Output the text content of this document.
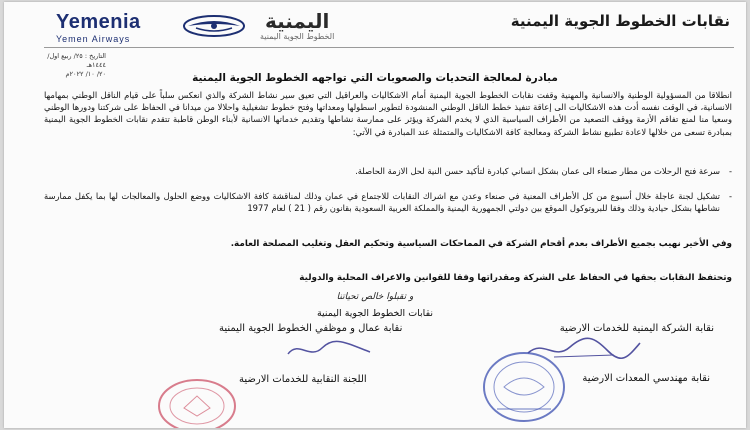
Yemenia
Yemen Airways
اليمنية
الخطوط الجوية اليمنية
نقابات الخطوط الجوية اليمنية
التاريخ : ٢٥/ ربيع اول/ ١٤٤٤هـ
٢٠/ ١٠/ ٢٠٢٢م	مبادرة لمعالجة التحديات والصعوبات التي تواجهه الخطوط الجوية اليمنية
انطلاقا من المسؤولية الوطنية والانسانية والمهنية وقفت نقابات الخطوط الجوية اليمنية أمام الاشكاليات والعراقيل التي تعيق سير نشاط الشركة والذي انعكس سلباً على قيام الناقل الوطني بمهامها الانسانية، في الوقت نفسه أدت هذه الاشكاليات الى إعاقة تنفيذ خطط الناقل الوطني المنشودة لتطوير اسطولها ومعداتها وفتح خطوط تشغيلية واحلالا من ميدانا في الحفاظ على شركتنا ودورها الوطني وسعيا منا لمنع تفاقم الأزمة ووقف التصعيد من الأطراف السياسية الذي لا يخدم الشركة ويؤثر على ممارسة نشاطها وتقديم خدماتها الانسانية لأبناء الوطن قاطبة تتقدم نقابات الخطوط الجوية اليمنية بمبادرة تسعى من خلالها لاعادة تطبيع نشاط الشركة ومعالجة كافة الاشكاليات والمتمثلة عند المبادرة في الآتي:
-
سرعة فتح الرحلات من مطار صنعاء الى عمان بشكل انساني كبادرة لتأكيد حسن النية لحل الازمة الحاصلة.
-
تشكيل لجنة عاجلة خلال أسبوع من كل الأطراف المعنية في صنعاء وعدن مع اشراك النقابات للاجتماع في عمان وذلك لمناقشة كافة الاشكاليات ووضع الحلول والمعالجات لها بما يكفل ممارسة نشاطها بشكل حيادية وذلك وفقا للبروتوكول الموقع بين دولتي الجمهورية اليمنية والمملكة العربية السعودية بقانون رقم ( 21 ) لعام 1977
وفي الأخير نهيب بجميع الأطراف بعدم أقحام الشركة في المماحكات السياسية وتحكيم العقل وتغليب المصلحة العامة.
وتحتفظ النقابات بحقها في الحفاظ على الشركة ومقدراتها وفقا للقوانين والاعراف المحلية والدولية
و تقبلوا خالص تحياتنا
نقابات الخطوط الجوية اليمنية
نقابة الشركة اليمنية للخدمات الارضية
نقابة عمال و موظفي الخطوط الجوية اليمنية
نقابة مهندسي المعدات الارضية
اللجنة النقابية للخدمات الارضية
